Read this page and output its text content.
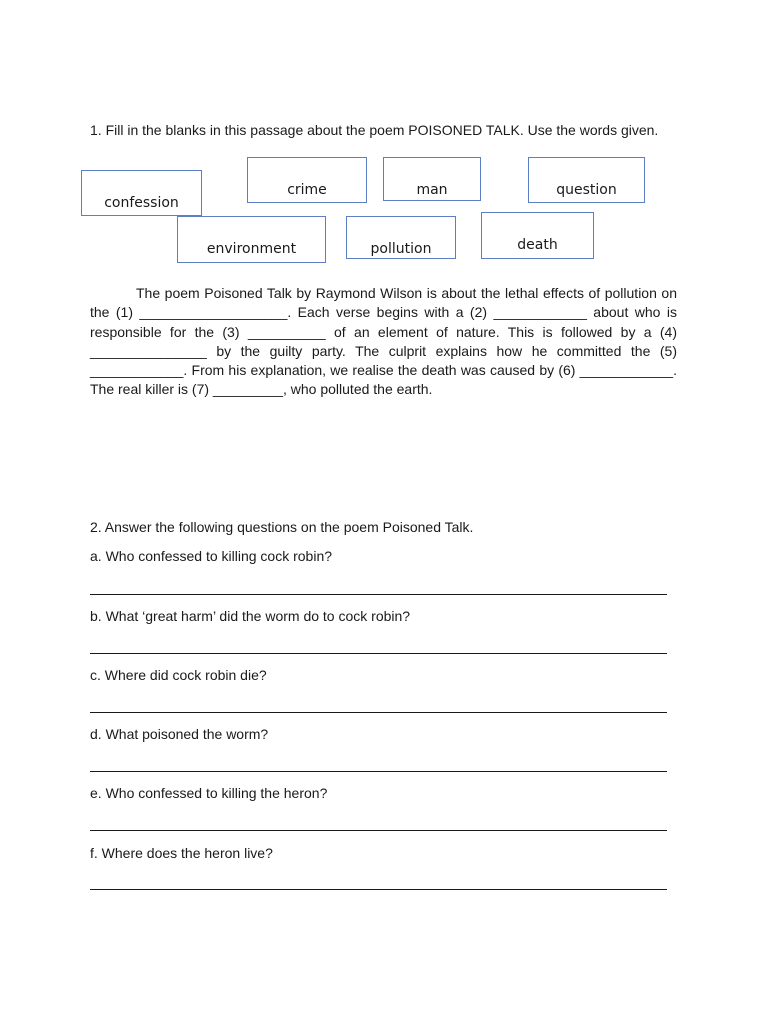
1. Fill in the blanks in this passage about the poem POISONED TALK. Use the words given.
confession
crime	man	question
environment	pollution	death

The poem Poisoned Talk by Raymond Wilson is about the lethal effects of pollution on the (1) ___________________. Each verse begins with a (2) ____________ about who is responsible for the (3) __________ of an element of nature. This is followed by a (4) _______________ by the guilty party. The culprit explains how he committed the (5) ____________. From his explanation, we realise the death was caused by (6) ____________. The real killer is (7) _________, who polluted the earth.

2. Answer the following questions on the poem Poisoned Talk.
a. Who confessed to killing cock robin?
b. What ‘great harm’ did the worm do to cock robin?
c. Where did cock robin die?
d. What poisoned the worm?
e. Who confessed to killing the heron?
f. Where does the heron live?
